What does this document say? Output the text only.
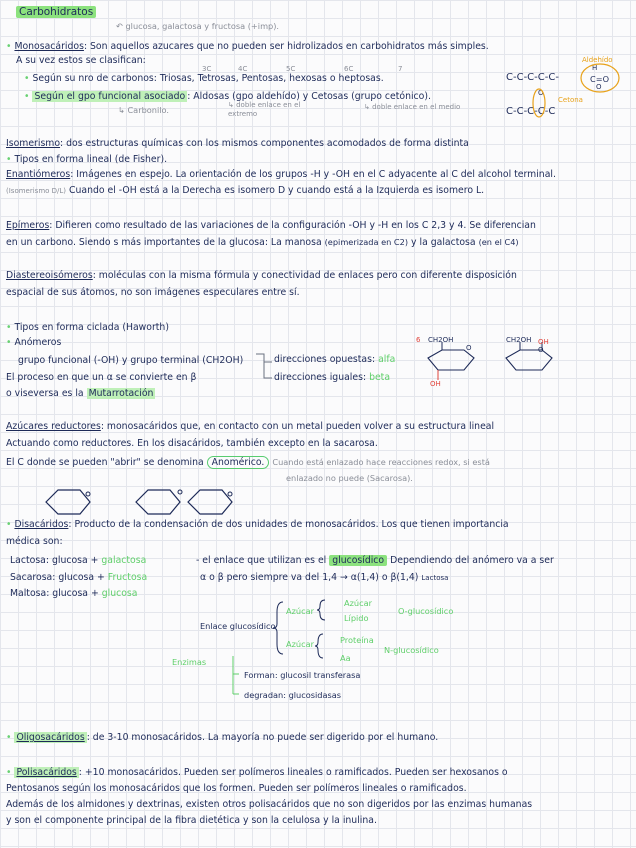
Carbohidratos
↶ glucosa, galactosa y fructosa (+imp).
• Monosacáridos: Son aquellos azucares que no pueden ser hidrolizados en carbohidratos más simples.
A su vez estos se clasifican:
3C	4C	5C	6C	7
• Según su nro de carbonos: Triosas, Tetrosas, Pentosas, hexosas o heptosas.
• Según el gpo funcional asociado : Aldosas (gpo aldehído) y Cetosas (grupo cetónico).
↳ Carbonilo.	↳ doble enlace en el extremo
↳ doble enlace en el medio
Aldehído
C-C-C-C-C-
H
C=O
O
O
Cetona
C-C-C-C-C
Isomerismo: dos estructuras químicas con los mismos componentes acomodados de forma distinta
• Tipos en forma lineal (de Fisher).
Enantiómeros: Imágenes en espejo. La orientación de los grupos -H y -OH en el C adyacente al C del alcohol terminal.
(Isomerismo D/L) Cuando el -OH está a la Derecha es isomero D y cuando está a la Izquierda es isomero L.
Epímeros: Difieren como resultado de las variaciones de la configuración -OH y -H en los C 2,3 y 4. Se diferencian
en un carbono. Siendo s más importantes de la glucosa: La manosa (epimerizada en C2) y la galactosa (en el C4)
Diastereoisómeros: moléculas con la misma fórmula y conectividad de enlaces pero con diferente disposición
espacial de sus átomos, no son imágenes especulares entre sí.
• Tipos en forma ciclada (Haworth)
• Anómeros
grupo funcional (-OH) y grupo terminal (CH2OH)	direcciones opuestas: alfa
direcciones iguales: beta
El proceso en que un α se convierte en β
o viseversa es la Mutarrotación
6 CH2OH
O
OH
CH2OH
O
OH
Azúcares reductores: monosacáridos que, en contacto con un metal pueden volver a su estructura lineal
Actuando como reductores. En los disacáridos, también excepto en la sacarosa.
El C donde se pueden "abrir" se denomina Anomérico. Cuando está enlazado hace reacciones redox, si está
enlazado no puede (Sacarosa).
• Disacáridos: Producto de la condensación de dos unidades de monosacáridos. Los que tienen importancia
médica son:
Lactosa: glucosa + galactosa	- el enlace que utilizan es el glucosídico Dependiendo del anómero va a ser
Sacarosa: glucosa + Fructosa	α o β pero siempre va del 1,4 → α(1,4) o β(1,4) Lactosa
Maltosa: glucosa + glucosa
Enlace glucosídico
Azúcar
Azúcar
Lípido
O-glucosídico
Azúcar	Proteína
Aa
N-glucosídico
Enzimas
Forman: glucosil transferasa
degradan: glucosidasas
• Oligosacáridos : de 3-10 monosacáridos. La mayoría no puede ser digerido por el humano.
• Polisacáridos : +10 monosacáridos. Pueden ser polímeros lineales o ramificados. Pueden ser hexosanos o
Pentosanos según los monosacáridos que los formen. Pueden ser polímeros lineales o ramificados.
Además de los almidones y dextrinas, existen otros polisacáridos que no son digeridos por las enzimas humanas
y son el componente principal de la fibra dietética y son la celulosa y la inulina.
